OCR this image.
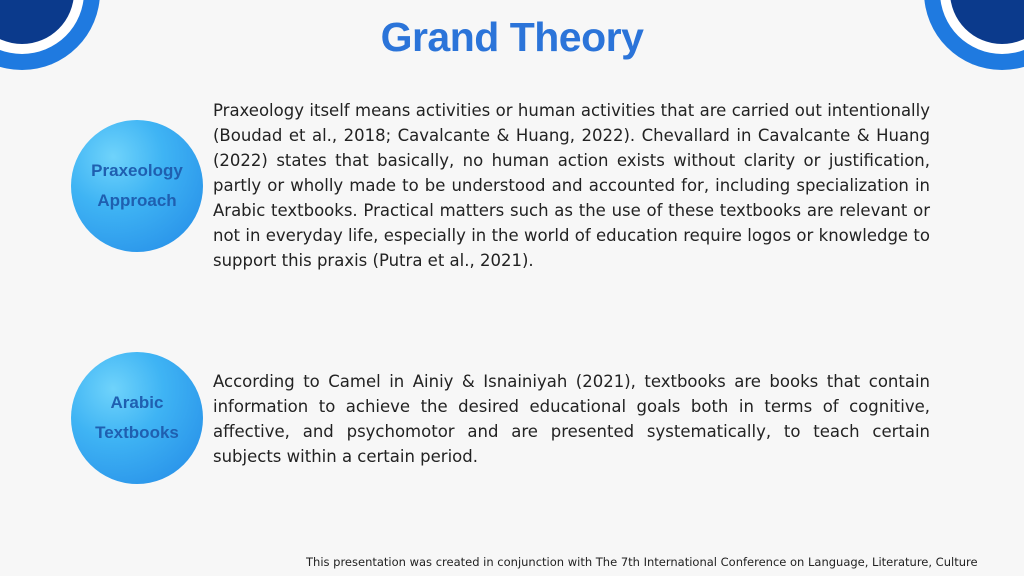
Grand Theory
Praxeology
Approach

Praxeology itself means activities or human activities that are carried out intentionally (Boudad et al., 2018; Cavalcante & Huang, 2022). Chevallard in Cavalcante & Huang (2022) states that basically, no human action exists without clarity or justification, partly or wholly made to be understood and accounted for, including specialization in Arabic textbooks. Practical matters such as the use of these textbooks are relevant or not in everyday life, especially in the world of education require logos or knowledge to support this praxis (Putra et al., 2021).

Arabic
Textbooks

According to Camel in Ainiy & Isnainiyah (2021), textbooks are books that contain information to achieve the desired educational goals both in terms of cognitive, affective, and psychomotor and are presented systematically, to teach certain subjects within a certain period.

This presentation was created in conjunction with The 7th International Conference on Language, Literature, Culture
